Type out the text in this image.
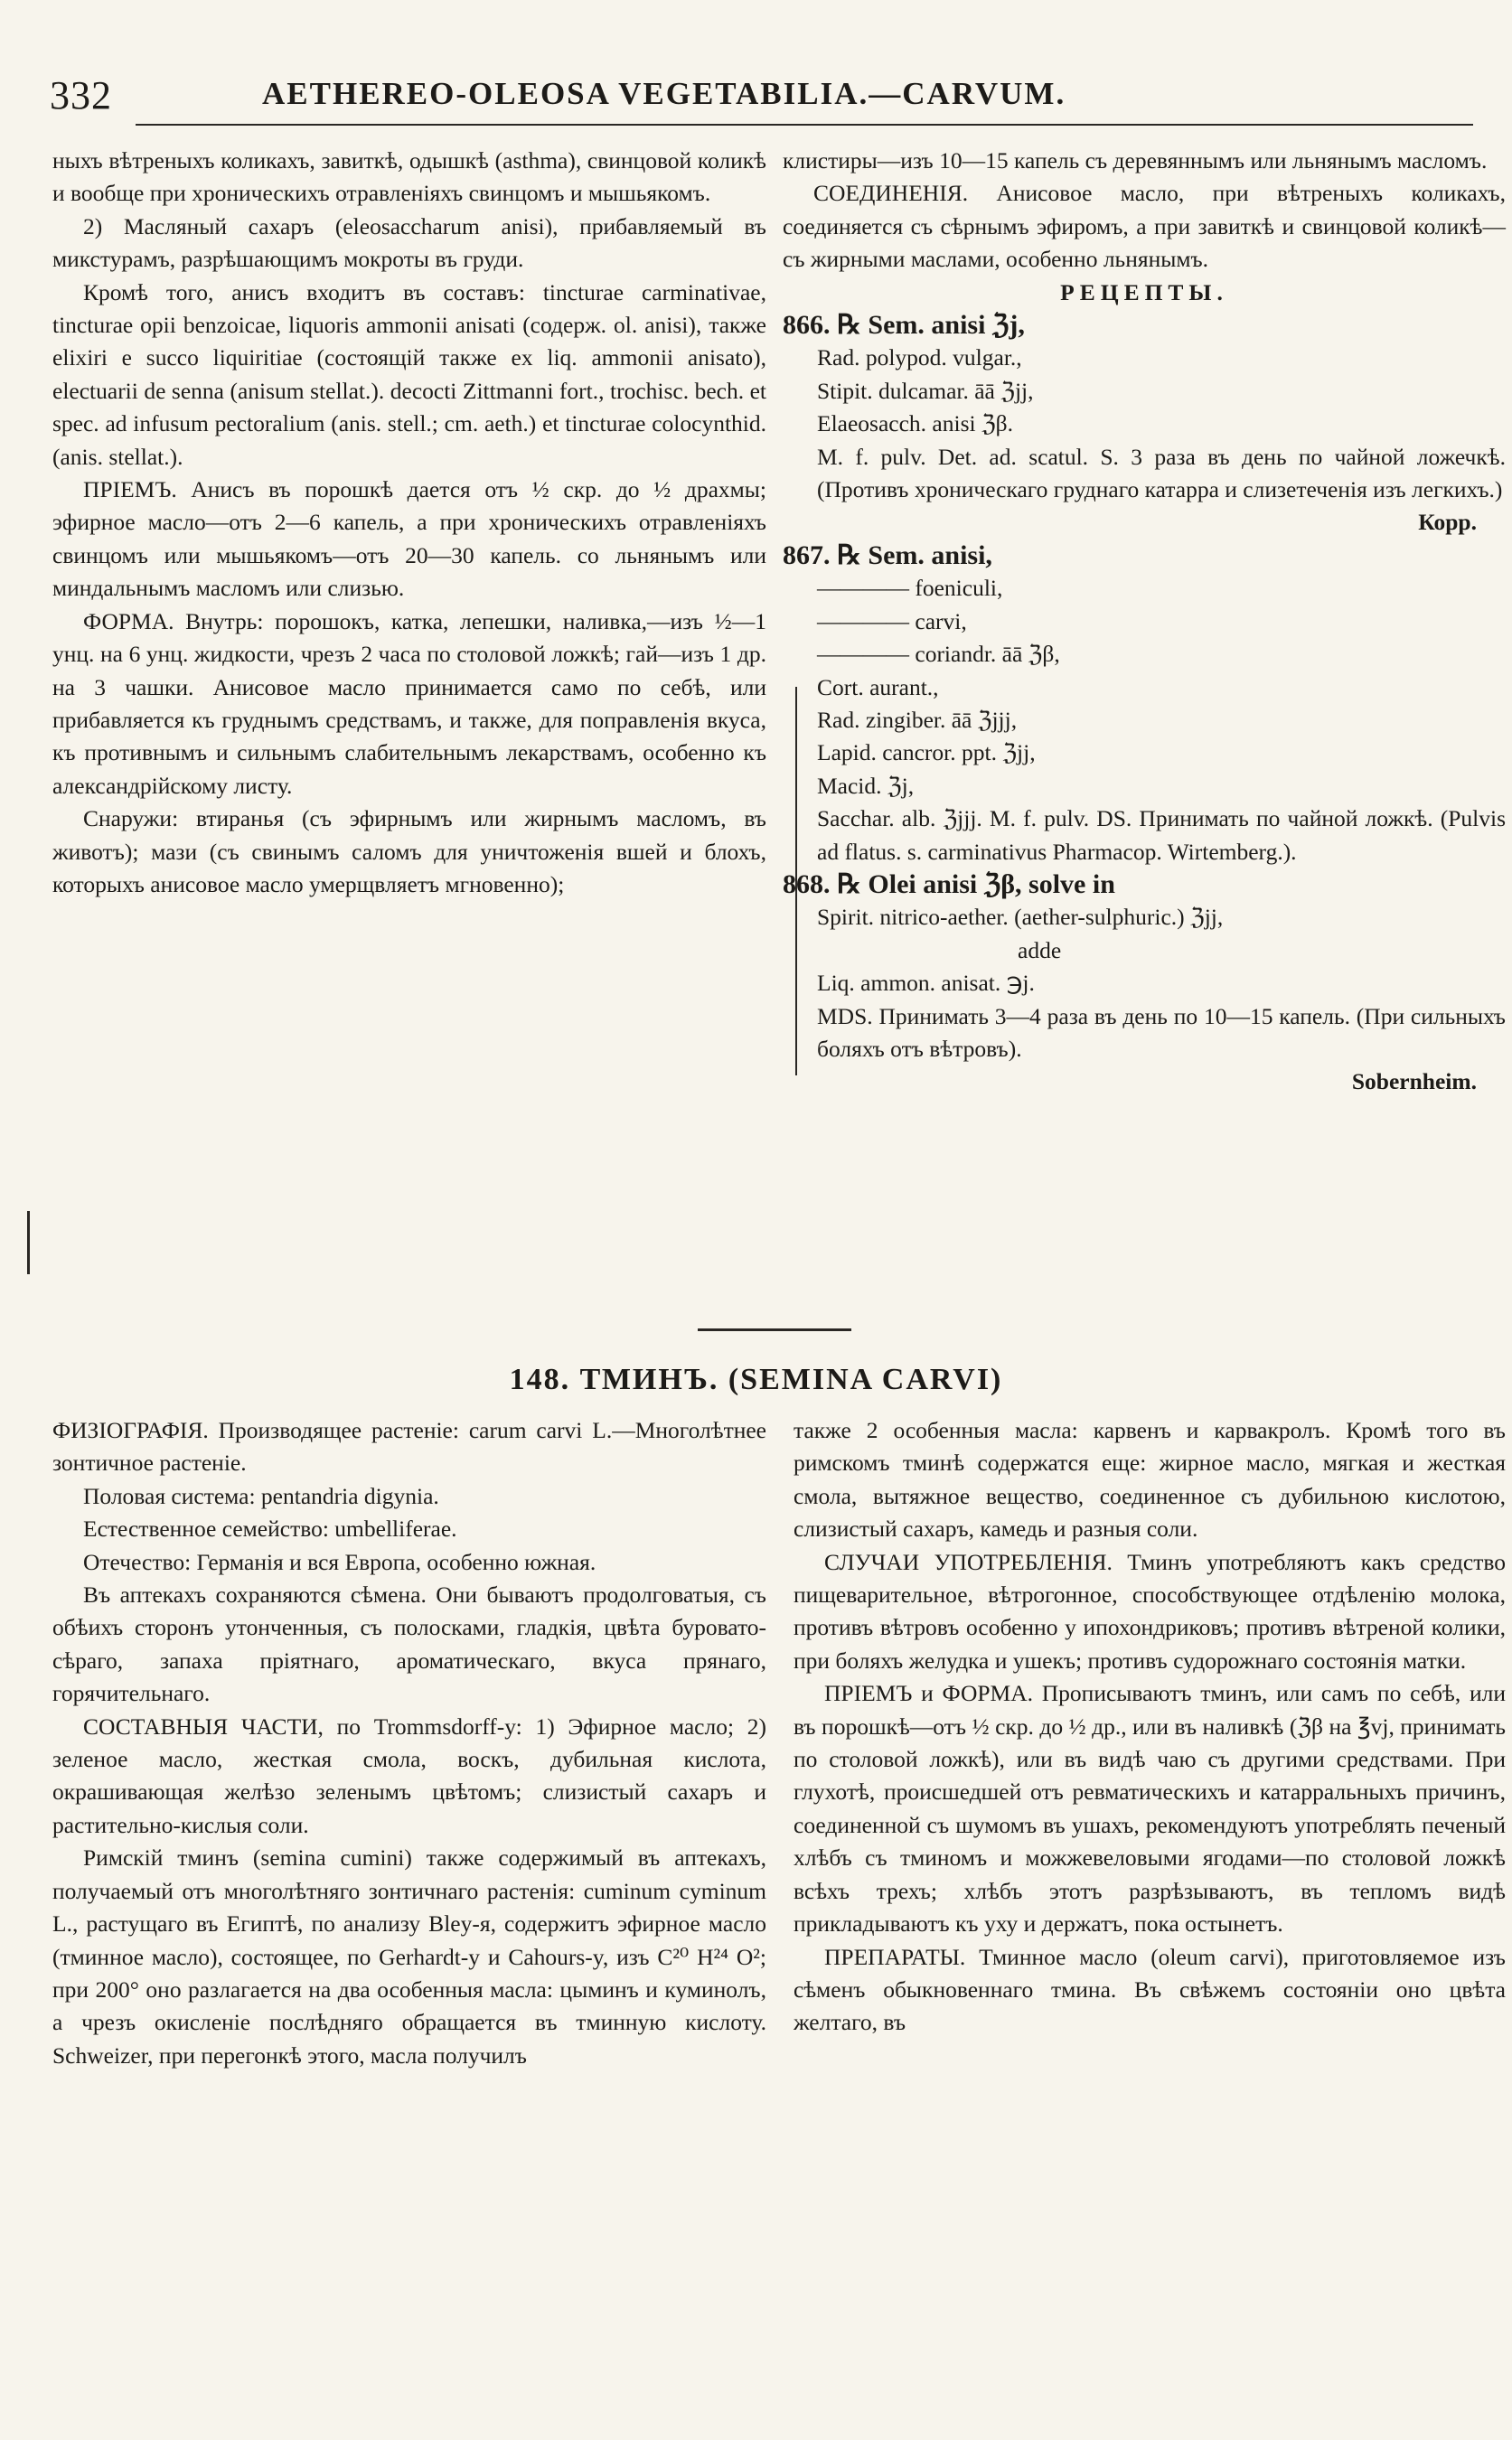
332	AETHEREO-OLEOSA VEGETABILIA.—CARVUM.

ныхъ вѣтреныхъ коликахъ, завиткѣ, одышкѣ (asthma), свинцовой коликѣ и вообще при хроническихъ отравленіяхъ свинцомъ и мышьякомъ.

2) Масляный сахаръ (eleosaccharum anisi), прибавляемый въ микстурамъ, разрѣшающимъ мокроты въ груди.

Кромѣ того, анисъ входитъ въ составъ: tincturae carminativae, tincturae opii benzoicae, liquoris ammonii anisati (содерж. ol. anisi), также elixiri e succo liquiritiae (состоящій также ex liq. ammonii anisato), electuarii de senna (anisum stellat.). decocti Zittmanni fort., trochisc. bech. et spec. ad infusum pectoralium (anis. stell.; cm. aeth.) et tincturae colocynthid. (anis. stellat.).

ПРІЕМЪ. Анисъ въ порошкѣ дается отъ ½ скр. до ½ драхмы; эфирное масло—отъ 2—6 капель, а при хроническихъ отравленіяхъ свинцомъ или мышьякомъ—отъ 20—30 капель. со льнянымъ или миндальнымъ масломъ или слизью.

ФОРМА. Внутрь: порошокъ, катка, лепешки, наливка,—изъ ½—1 унц. на 6 унц. жидкости, чрезъ 2 часа по столовой ложкѣ; гай—изъ 1 др. на 3 чашки. Анисовое масло принимается само по себѣ, или прибавляется къ груднымъ средствамъ, и также, для поправленія вкуса, къ противнымъ и сильнымъ слабительнымъ лекарствамъ, особенно къ александрійскому листу.

Снаружи: втиранья (съ эфирнымъ или жирнымъ масломъ, въ животъ); мази (съ свинымъ саломъ для уничтоженія вшей и блохъ, которыхъ анисовое масло умерщвляетъ мгновенно);

клистиры—изъ 10—15 капель съ деревяннымъ или льнянымъ масломъ.

СОЕДИНЕНІЯ. Анисовое масло, при вѣтреныхъ коликахъ, соединяется съ сѣрнымъ эфиромъ, а при завиткѣ и свинцовой коликѣ—съ жирными маслами, особенно льнянымъ.

РЕЦЕПТЫ.

866. ℞ Sem. anisi ℨj,

Rad. polypod. vulgar.,

Stipit. dulcamar. āā ℨjj,

Elaeosacch. anisi ℨβ.

M. f. pulv. Det. ad. scatul. S. 3 раза въ день по чайной ложечкѣ. (Противъ хроническаго груднаго катарра и слизетеченія изъ легкихъ.)

Корр.

867. ℞ Sem. anisi,

———— foeniculi,

———— carvi,

———— coriandr. āā ℨβ,

Cort. aurant.,

Rad. zingiber. āā ℨjjj,

Lapid. cancror. ppt. ℨjj,

Macid. ℨj,

Sacchar. alb. ℨjjj. M. f. pulv. DS. Принимать по чайной ложкѣ. (Pulvis ad flatus. s. carminativus Pharmacop. Wirtemberg.).

868. ℞ Olei anisi ℨβ, solve in

Spirit. nitrico-aether. (aether-sulphuric.) ℨjj,

adde

Liq. ammon. anisat. ℈j.

MDS. Принимать 3—4 раза въ день по 10—15 капель. (При сильныхъ боляхъ отъ вѣтровъ).

Sobernheim.

148. ТМИНЪ. (SEMINA CARVI)

ФИЗІОГРАФІЯ. Производящее растеніе: carum carvi L.—Многолѣтнее зонтичное растеніе.

Половая система: pentandria digynia.

Естественное семейство: umbelliferae.

Отечество: Германія и вся Европа, особенно южная.

Въ аптекахъ сохраняются сѣмена. Они бываютъ продолговатыя, съ обѣихъ сторонъ утонченныя, съ полосками, гладкія, цвѣта буровато-сѣраго, запаха пріятнаго, ароматическаго, вкуса прянаго, горячительнаго.

СОСТАВНЫЯ ЧАСТИ, по Trommsdorff-у: 1) Эфирное масло; 2) зеленое масло, жесткая смола, воскъ, дубильная кислота, окрашивающая желѣзо зеленымъ цвѣтомъ; слизистый сахаръ и растительно-кислыя соли.

Римскій тминъ (semina cumini) также содержимый въ аптекахъ, получаемый отъ многолѣтняго зонтичнаго растенія: cuminum cyminum L., растущаго въ Египтѣ, по анализу Bley-я, содержитъ эфирное масло (тминное масло), состоящее, по Gerhardt-y и Cahours-y, изъ C²⁰ H²⁴ O²; при 200° оно разлагается на два особенныя масла: цыминъ и куминолъ, а чрезъ окисленіе послѣдняго обращается въ тминную кислоту. Schweizer, при перегонкѣ этого, масла получилъ

также 2 особенныя масла: карвенъ и карвакролъ. Кромѣ того въ римскомъ тминѣ содержатся еще: жирное масло, мягкая и жесткая смола, вытяжное вещество, соединенное съ дубильною кислотою, слизистый сахаръ, камедь и разныя соли.

СЛУЧАИ УПОТРЕБЛЕНІЯ. Тминъ употребляютъ какъ средство пищеварительное, вѣтрогонное, способствующее отдѣленію молока, противъ вѣтровъ особенно у ипохондриковъ; противъ вѣтреной колики, при боляхъ желудка и ушекъ; противъ судорожнаго состоянія матки.

ПРІЕМЪ и ФОРМА. Прописываютъ тминъ, или самъ по себѣ, или въ порошкѣ—отъ ½ скр. до ½ др., или въ наливкѣ (ℨβ на ℥vj, принимать по столовой ложкѣ), или въ видѣ чаю съ другими средствами. При глухотѣ, происшедшей отъ ревматическихъ и катарральныхъ причинъ, соединенной съ шумомъ въ ушахъ, рекомендуютъ употреблять печеный хлѣбъ съ тминомъ и можжевеловыми ягодами—по столовой ложкѣ всѣхъ трехъ; хлѣбъ этотъ разрѣзываютъ, въ тепломъ видѣ прикладываютъ къ уху и держатъ, пока остынетъ.

ПРЕПАРАТЫ. Тминное масло (oleum carvi), приготовляемое изъ сѣменъ обыкновеннаго тмина. Въ свѣжемъ состояніи оно цвѣта желтаго, въ
